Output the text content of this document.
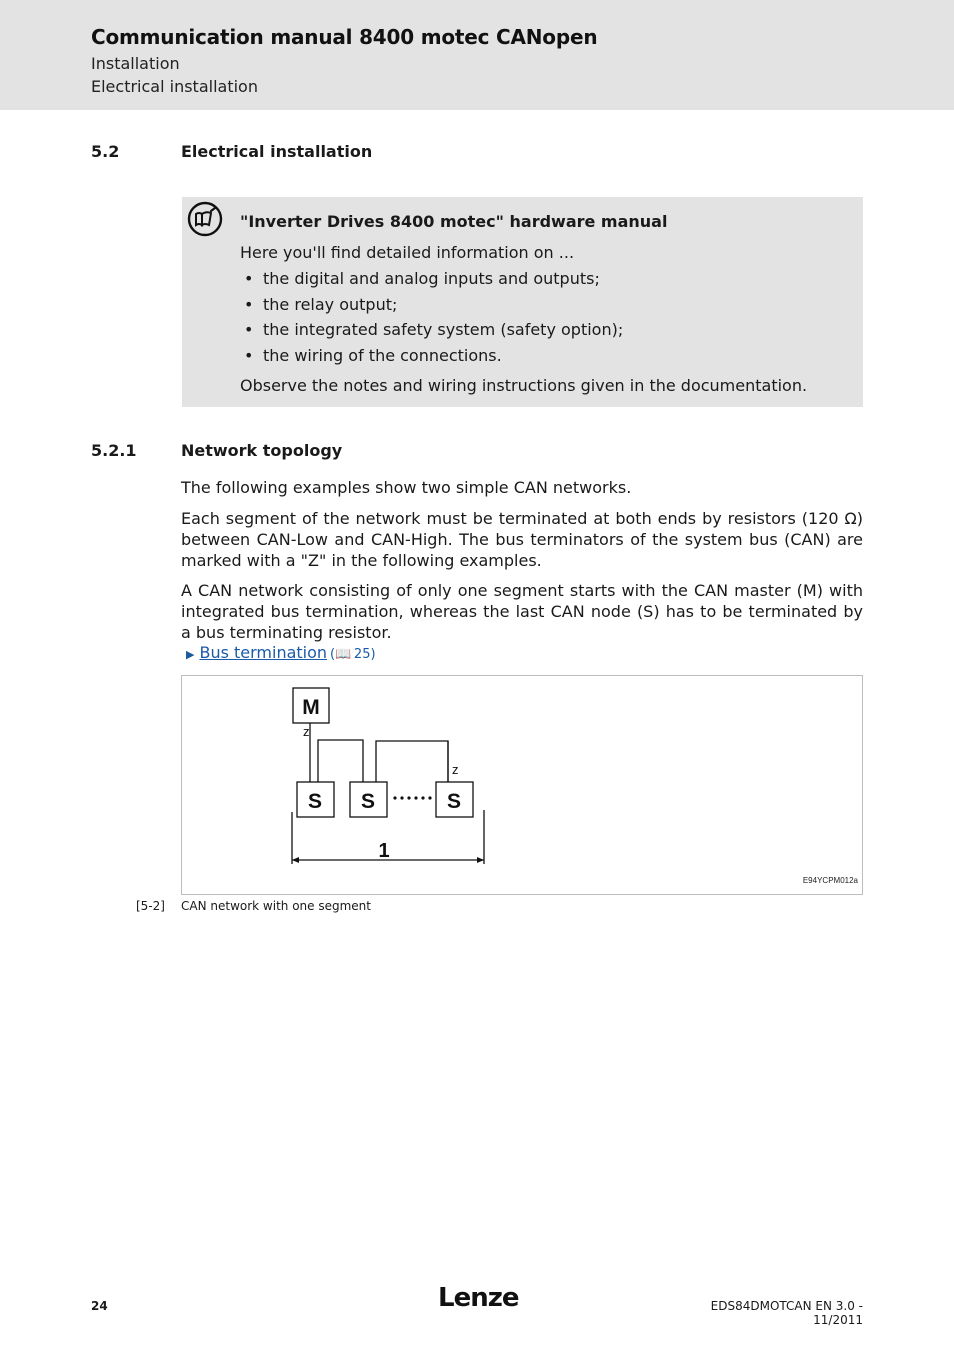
Communication manual 8400 motec CANopen
Installation
Electrical installation
5.2	Electrical installation
"Inverter Drives 8400 motec" hardware manual
Here you'll find detailed information on ...
• the digital and analog inputs and outputs;
• the relay output;
• the integrated safety system (safety option);
• the wiring of the connections.
Observe the notes and wiring instructions given in the documentation.
5.2.1	Network topology
The following examples show two simple CAN networks.
Each segment of the network must be terminated at both ends by resistors (120 Ω) between CAN-Low and CAN-High. The bus terminators of the system bus (CAN) are marked with a "Z" in the following examples.
A CAN network consisting of only one segment starts with the CAN master (M) with integrated bus termination, whereas the last CAN node (S) has to be terminated by a bus terminating resistor.
▶ Bus termination (📖  25)
M
S S	S
1
z
z
E94YCPM012a
[5-2] CAN network with one segment
24	Lenze	EDS84DMOTCAN EN 3.0 - 11/2011
